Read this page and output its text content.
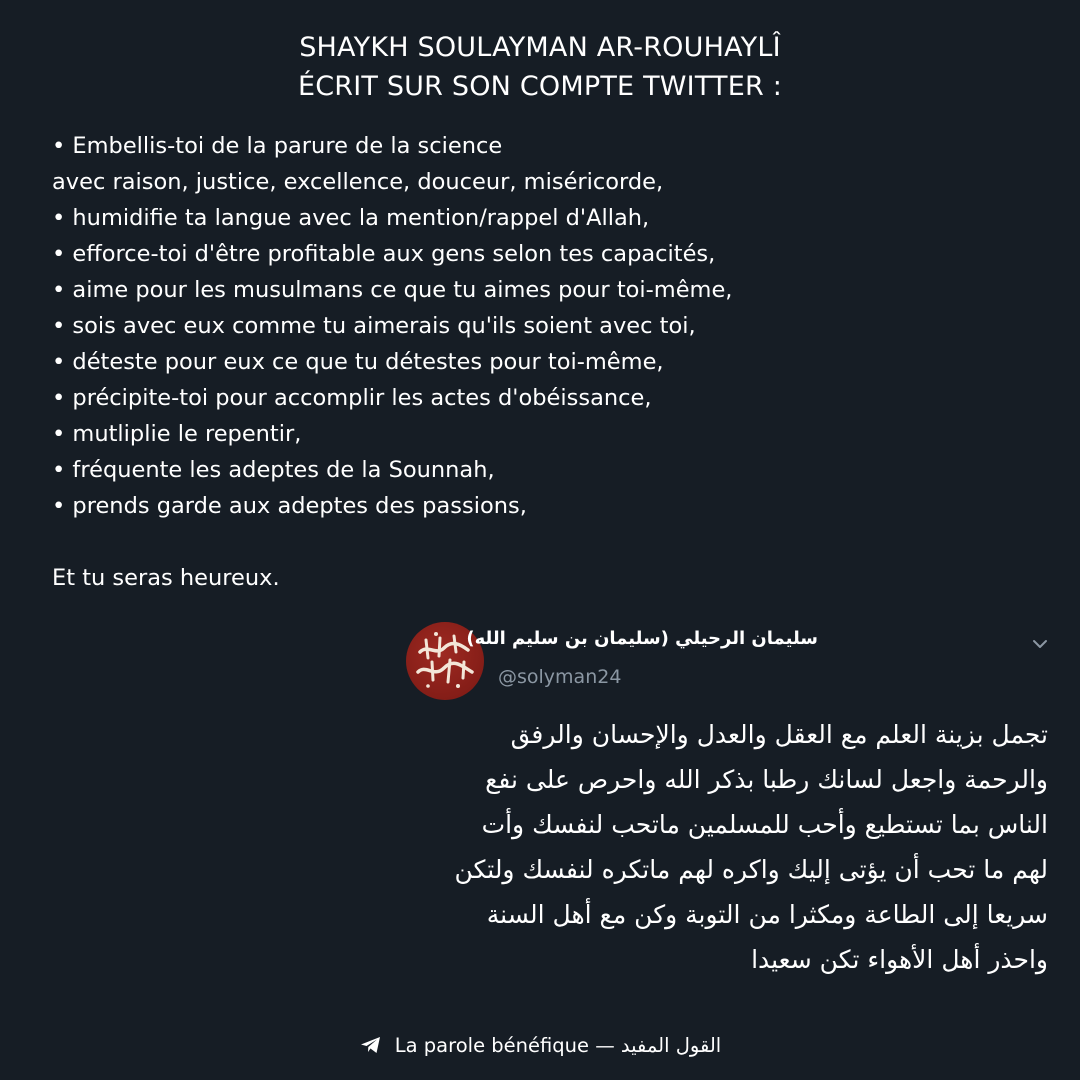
SHAYKH SOULAYMAN AR-ROUHAYLÎ
ÉCRIT SUR SON COMPTE TWITTER :
• Embellis-toi de la parure de la science
avec raison, justice, excellence, douceur, miséricorde,
• humidifie ta langue avec la mention/rappel d'Allah,
• efforce-toi d'être profitable aux gens selon tes capacités,
• aime pour les musulmans ce que tu aimes pour toi-même,
• sois avec eux comme tu aimerais qu'ils soient avec toi,
• déteste pour eux ce que tu détestes pour toi-même,
• précipite-toi pour accomplir les actes d'obéissance,
• mutliplie le repentir,
• fréquente les adeptes de la Sounnah,
• prends garde aux adeptes des passions,
Et tu seras heureux.
سليمان الرحيلي (سليمان بن سليم الله)
@solyman24
تجمل بزينة العلم مع العقل والعدل والإحسان والرفق
والرحمة واجعل لسانك رطبا بذكر الله واحرص على نفع
الناس بما تستطيع وأحب للمسلمين ماتحب لنفسك وأت
لهم ما تحب أن يؤتى إليك واكره لهم ماتكره لنفسك ولتكن
سريعا إلى الطاعة ومكثرا من التوبة وكن مع أهل السنة
واحذر أهل الأهواء تكن سعيدا
La parole bénéfique — القول المفيد
